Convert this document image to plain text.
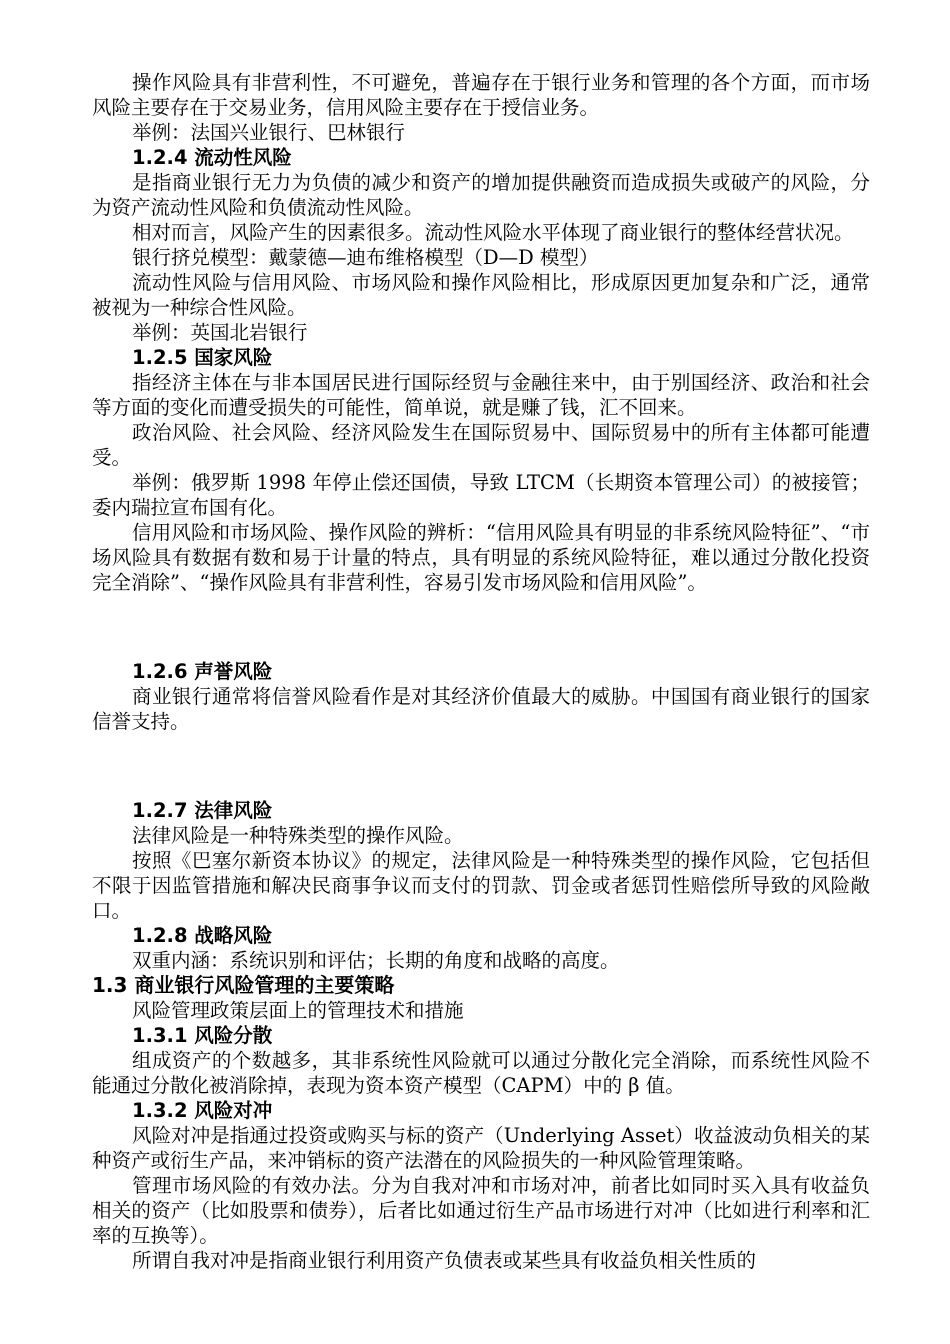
操作风险具有非营利性，不可避免，普遍存在于银行业务和管理的各个方面，而市场风险主要存在于交易业务，信用风险主要存在于授信业务。

举例：法国兴业银行、巴林银行

1.2.4 流动性风险

是指商业银行无力为负债的减少和资产的增加提供融资而造成损失或破产的风险，分为资产流动性风险和负债流动性风险。

相对而言，风险产生的因素很多。流动性风险水平体现了商业银行的整体经营状况。

银行挤兑模型：戴蒙德—迪布维格模型（D—D 模型）

流动性风险与信用风险、市场风险和操作风险相比，形成原因更加复杂和广泛，通常被视为一种综合性风险。

举例：英国北岩银行

1.2.5 国家风险

指经济主体在与非本国居民进行国际经贸与金融往来中，由于别国经济、政治和社会等方面的变化而遭受损失的可能性，简单说，就是赚了钱，汇不回来。

政治风险、社会风险、经济风险发生在国际贸易中、国际贸易中的所有主体都可能遭受。

举例：俄罗斯 1998 年停止偿还国债，导致 LTCM（长期资本管理公司）的被接管；委内瑞拉宣布国有化。

信用风险和市场风险、操作风险的辨析：“信用风险具有明显的非系统风险特征”、“市场风险具有数据有数和易于计量的特点，具有明显的系统风险特征，难以通过分散化投资完全消除”、“操作风险具有非营利性，容易引发市场风险和信用风险”。

1.2.6 声誉风险

商业银行通常将信誉风险看作是对其经济价值最大的威胁。中国国有商业银行的国家信誉支持。

1.2.7 法律风险

法律风险是一种特殊类型的操作风险。

按照《巴塞尔新资本协议》的规定，法律风险是一种特殊类型的操作风险，它包括但不限于因监管措施和解决民商事争议而支付的罚款、罚金或者惩罚性赔偿所导致的风险敞口。

1.2.8 战略风险

双重内涵：系统识别和评估；长期的角度和战略的高度。

1.3 商业银行风险管理的主要策略

风险管理政策层面上的管理技术和措施

1.3.1 风险分散

组成资产的个数越多，其非系统性风险就可以通过分散化完全消除，而系统性风险不能通过分散化被消除掉，表现为资本资产模型（CAPM）中的 β 值。

1.3.2 风险对冲

风险对冲是指通过投资或购买与标的资产（Underlying Asset）收益波动负相关的某种资产或衍生产品，来冲销标的资产法潜在的风险损失的一种风险管理策略。

管理市场风险的有效办法。分为自我对冲和市场对冲，前者比如同时买入具有收益负相关的资产（比如股票和债券），后者比如通过衍生产品市场进行对冲（比如进行利率和汇率的互换等）。

所谓自我对冲是指商业银行利用资产负债表或某些具有收益负相关性质的
